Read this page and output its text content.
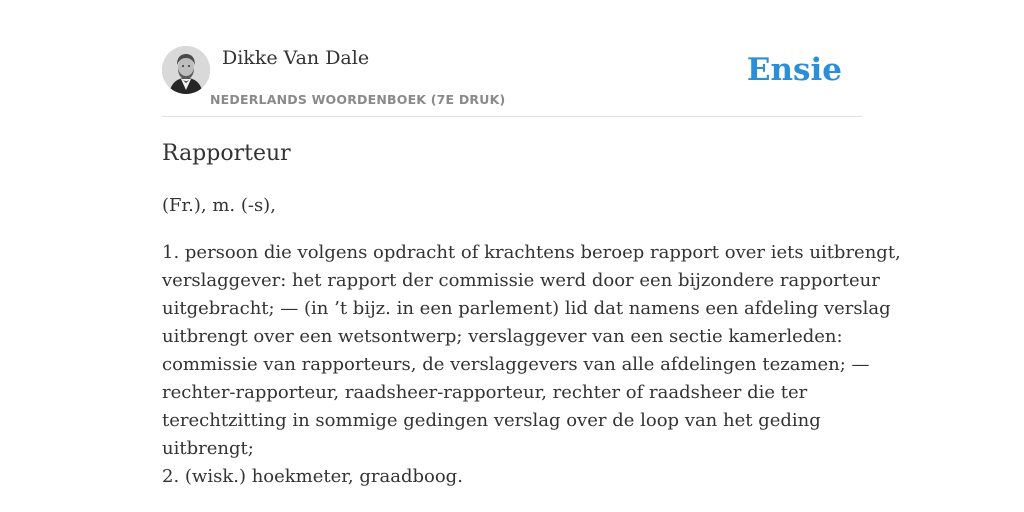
Dikke Van Dale
NEDERLANDS WOORDENBOEK (7E DRUK)
Ensie
Rapporteur

(Fr.), m. (-s),

1. persoon die volgens opdracht of krachtens beroep rapport over iets uitbrengt,
verslaggever: het rapport der commissie werd door een bijzondere rapporteur
uitgebracht; — (in ’t bijz. in een parlement) lid dat namens een afdeling verslag
uitbrengt over een wetsontwerp; verslaggever van een sectie kamerleden:
commissie van rapporteurs, de verslaggevers van alle afdelingen tezamen; —
rechter-rapporteur, raadsheer-rapporteur, rechter of raadsheer die ter
terechtzitting in sommige gedingen verslag over de loop van het geding
uitbrengt;
2. (wisk.) hoekmeter, graadboog.
